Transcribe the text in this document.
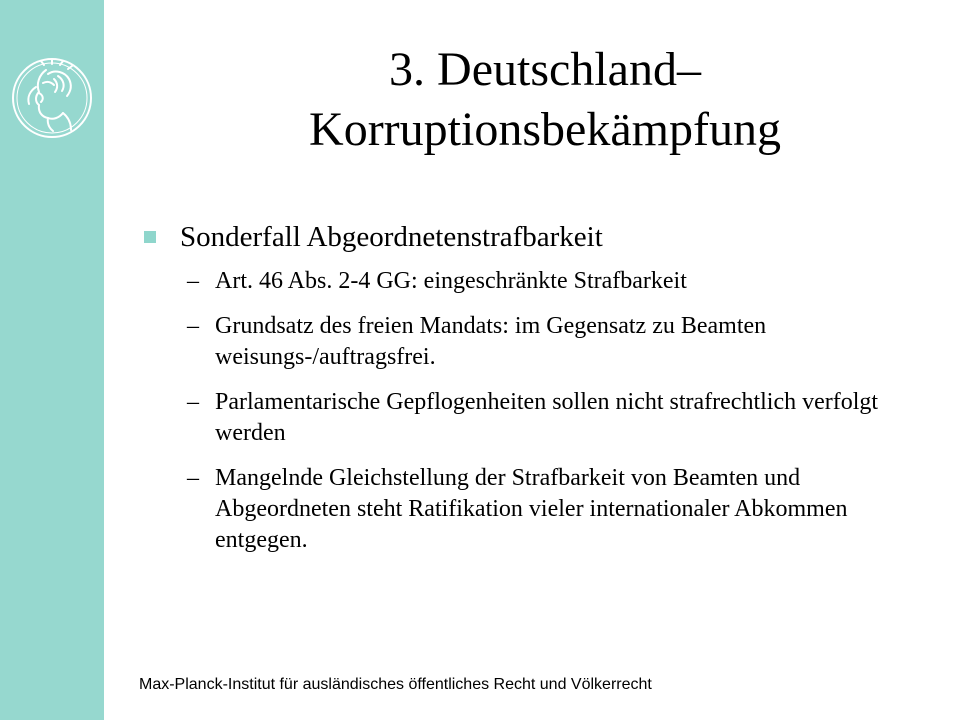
3. Deutschland–
Korruptionsbekämpfung
Sonderfall Abgeordnetenstrafbarkeit
– Art. 46 Abs. 2-4 GG: eingeschränkte Strafbarkeit
– Grundsatz des freien Mandats: im Gegensatz zu Beamten weisungs-/auftragsfrei.
– Parlamentarische Gepflogenheiten sollen nicht strafrechtlich verfolgt werden
– Mangelnde Gleichstellung der Strafbarkeit von Beamten und Abgeordneten steht Ratifikation vieler internationaler Abkommen entgegen.
Max-Planck-Institut für ausländisches öffentliches Recht und Völkerrecht
